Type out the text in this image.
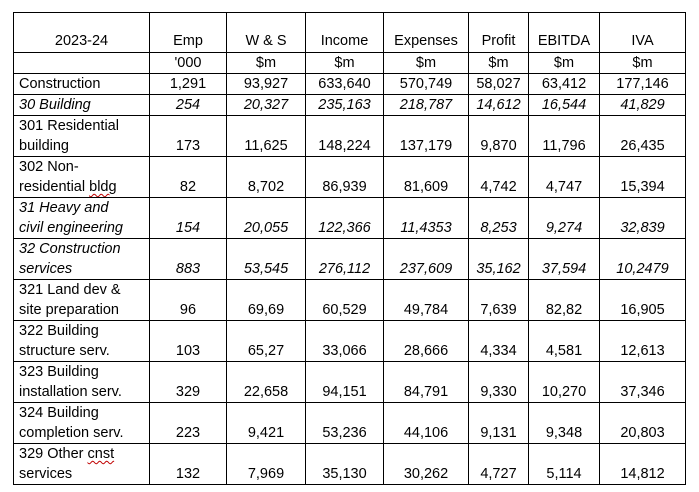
2023-24	Emp	W & S	Income	Expenses	Profit	EBITDA	IVA
	'000	$m	$m	$m	$m	$m	$m
Construction	1,291	93,927	633,640	570,749	58,027	63,412	177,146
30 Building	254	20,327	235,163	218,787	14,612	16,544	41,829
301 Residential
building	173	11,625	148,224	137,179	9,870	11,796	26,435
302 Non-
residential bldg	82	8,702	86,939	81,609	4,742	4,747	15,394
31 Heavy and
civil engineering	154	20,055	122,366	11,4353	8,253	9,274	32,839
32 Construction
services	883	53,545	276,112	237,609	35,162	37,594	10,2479
321 Land dev &
site preparation	96	69,69	60,529	49,784	7,639	82,82	16,905
322 Building
structure serv.	103	65,27	33,066	28,666	4,334	4,581	12,613
323 Building
installation serv.	329	22,658	94,151	84,791	9,330	10,270	37,346
324 Building
completion serv.	223	9,421	53,236	44,106	9,131	9,348	20,803
329 Other cnst
services	132	7,969	35,130	30,262	4,727	5,114	14,812
